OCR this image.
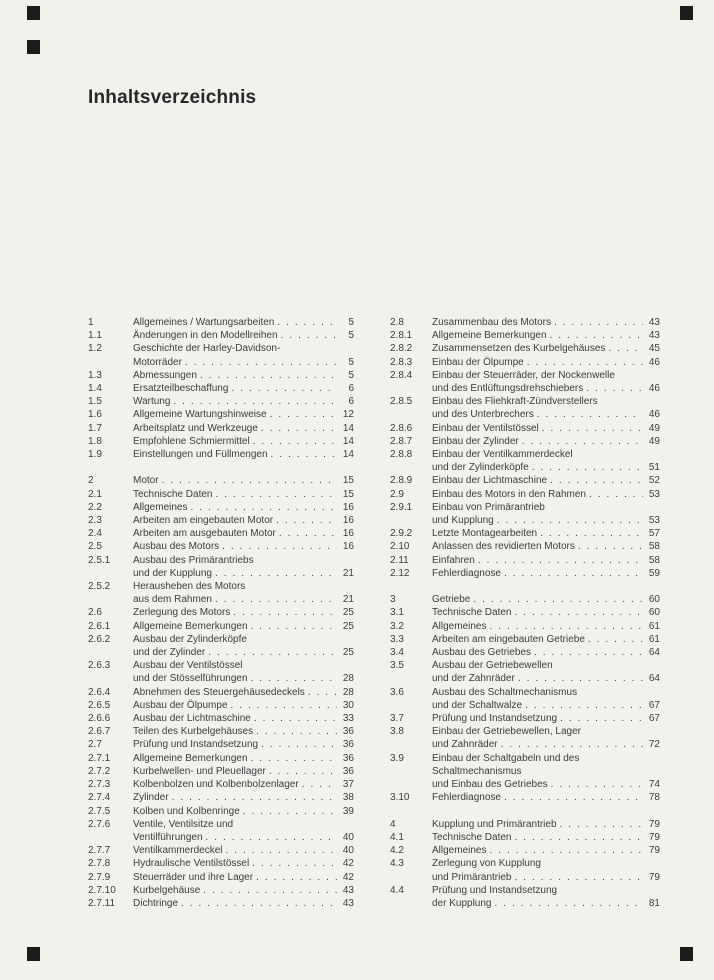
Inhaltsverzeichnis
1	Allgemeines / Wartungsarbeiten . . .	5
1.1	Änderungen in den Modellreihen . . .	5
1.2	Geschichte der Harley-Davidson-
Motorräder . . .	5
1.3	Abmessungen . . .	5
1.4	Ersatzteilbeschaffung . . .	6
1.5	Wartung . . .	6
1.6	Allgemeine Wartungshinweise . . .	12
1.7	Arbeitsplatz und Werkzeuge . . .	14
1.8	Empfohlene Schmiermittel . . .	14
1.9	Einstellungen und Füllmengen . . .	14
2	Motor . . .	15
2.1	Technische Daten . . .	15
2.2	Allgemeines . . .	16
2.3	Arbeiten am eingebauten Motor . . .	16
2.4	Arbeiten am ausgebauten Motor . . .	16
2.5	Ausbau des Motors . . .	16
2.5.1	Ausbau des Primärantriebs
und der Kupplung . . .	21
2.5.2	Herausheben des Motors
aus dem Rahmen . . .	21
2.6	Zerlegung des Motors . . .	25
2.6.1	Allgemeine Bemerkungen . . .	25
2.6.2	Ausbau der Zylinderköpfe
und der Zylinder . . .	25
2.6.3	Ausbau der Ventilstössel
und der Stösselführungen . . .	28
2.6.4	Abnehmen des Steuergehäusedeckels . . .	28
2.6.5	Ausbau der Ölpumpe . . .	30
2.6.6	Ausbau der Lichtmaschine . . .	33
2.6.7	Teilen des Kurbelgehäuses . . .	36
2.7	Prüfung und Instandsetzung . . .	36
2.7.1	Allgemeine Bemerkungen . . .	36
2.7.2	Kurbelwellen- und Pleuellager . . .	36
2.7.3	Kolbenbolzen und Kolbenbolzenlager . . .	37
2.7.4	Zylinder . . .	38
2.7.5	Kolben und Kolbenringe . . .	39
2.7.6	Ventile, Ventilsitze und
Ventilführungen . . .	40
2.7.7	Ventilkammerdeckel . . .	40
2.7.8	Hydraulische Ventilstössel . . .	42
2.7.9	Steuerräder und ihre Lager . . .	42
2.7.10	Kurbelgehäuse . . .	43
2.7.11	Dichtringe . . .	43
2.8	Zusammenbau des Motors . . .	43
2.8.1	Allgemeine Bemerkungen . . .	43
2.8.2	Zusammensetzen des Kurbelgehäuses . . .	45
2.8.3	Einbau der Ölpumpe . . .	46
2.8.4	Einbau der Steuerräder, der Nockenwelle
und des Entlüftungsdrehschiebers . . .	46
2.8.5	Einbau des Fliehkraft-Zündverstellers
und des Unterbrechers . . .	46
2.8.6	Einbau der Ventilstössel . . .	49
2.8.7	Einbau der Zylinder . . .	49
2.8.8	Einbau der Ventilkammerdeckel
und der Zylinderköpfe . . .	51
2.8.9	Einbau der Lichtmaschine . . .	52
2.9	Einbau des Motors in den Rahmen . . .	53
2.9.1	Einbau von Primärantrieb
und Kupplung . . .	53
2.9.2	Letzte Montagearbeiten . . .	57
2.10	Anlassen des revidierten Motors . . .	58
2.11	Einfahren . . .	58
2.12	Fehlerdiagnose . . .	59
3	Getriebe . . .	60
3.1	Technische Daten . . .	60
3.2	Allgemeines . . .	61
3.3	Arbeiten am eingebauten Getriebe . . .	61
3.4	Ausbau des Getriebes . . .	64
3.5	Ausbau der Getriebewellen
und der Zahnräder . . .	64
3.6	Ausbau des Schaltmechanismus
und der Schaltwalze . . .	67
3.7	Prüfung und Instandsetzung . . .	67
3.8	Einbau der Getriebewellen, Lager
und Zahnräder . . .	72
3.9	Einbau der Schaltgabeln und des
Schaltmechanismus
und Einbau des Getriebes . . .	74
3.10	Fehlerdiagnose . . .	78
4	Kupplung und Primärantrieb . . .	79
4.1	Technische Daten . . .	79
4.2	Allgemeines . . .	79
4.3	Zerlegung von Kupplung
und Primärantrieb . . .	79
4.4	Prüfung und Instandsetzung
der Kupplung . . .	81
